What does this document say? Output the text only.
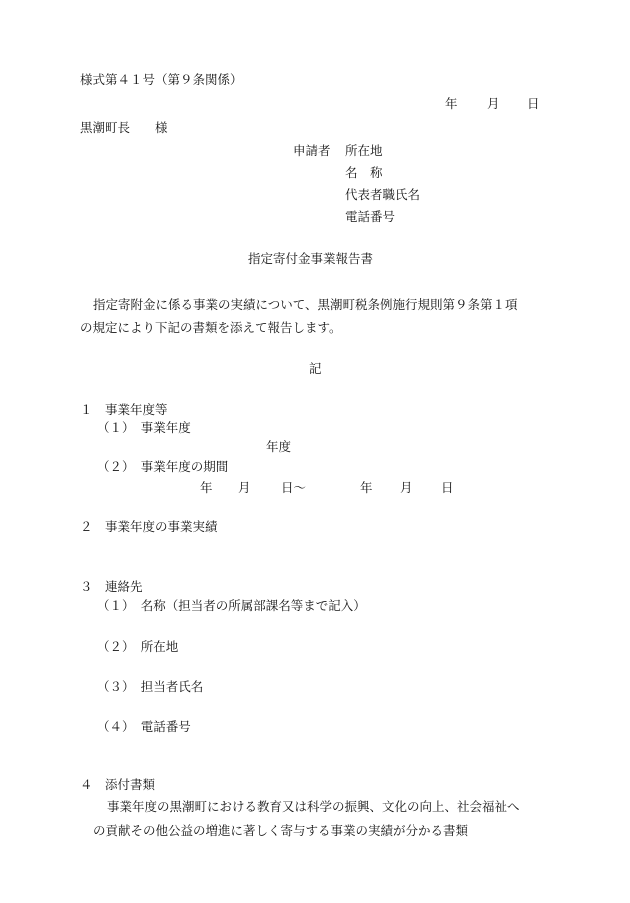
様式第４１号（第９条関係）
年 月 日
黒潮町長　　様
申請者 所在地
名　称
代表者職氏名
電話番号
指定寄付金事業報告書
指定寄附金に係る事業の実績について、黒潮町税条例施行規則第９条第１項
の規定により下記の書類を添えて報告します。
記
１　事業年度等
（１）　事業年度
年度
（２）　事業年度の期間
年 月 日〜	年 月 日
２　事業年度の事業実績
３　連絡先
（１）　名称（担当者の所属部課名等まで記入）
（２）　所在地
（３）　担当者氏名
（４）　電話番号
４　添付書類
事業年度の黒潮町における教育又は科学の振興、文化の向上、社会福祉へ
の貢献その他公益の増進に著しく寄与する事業の実績が分かる書類
